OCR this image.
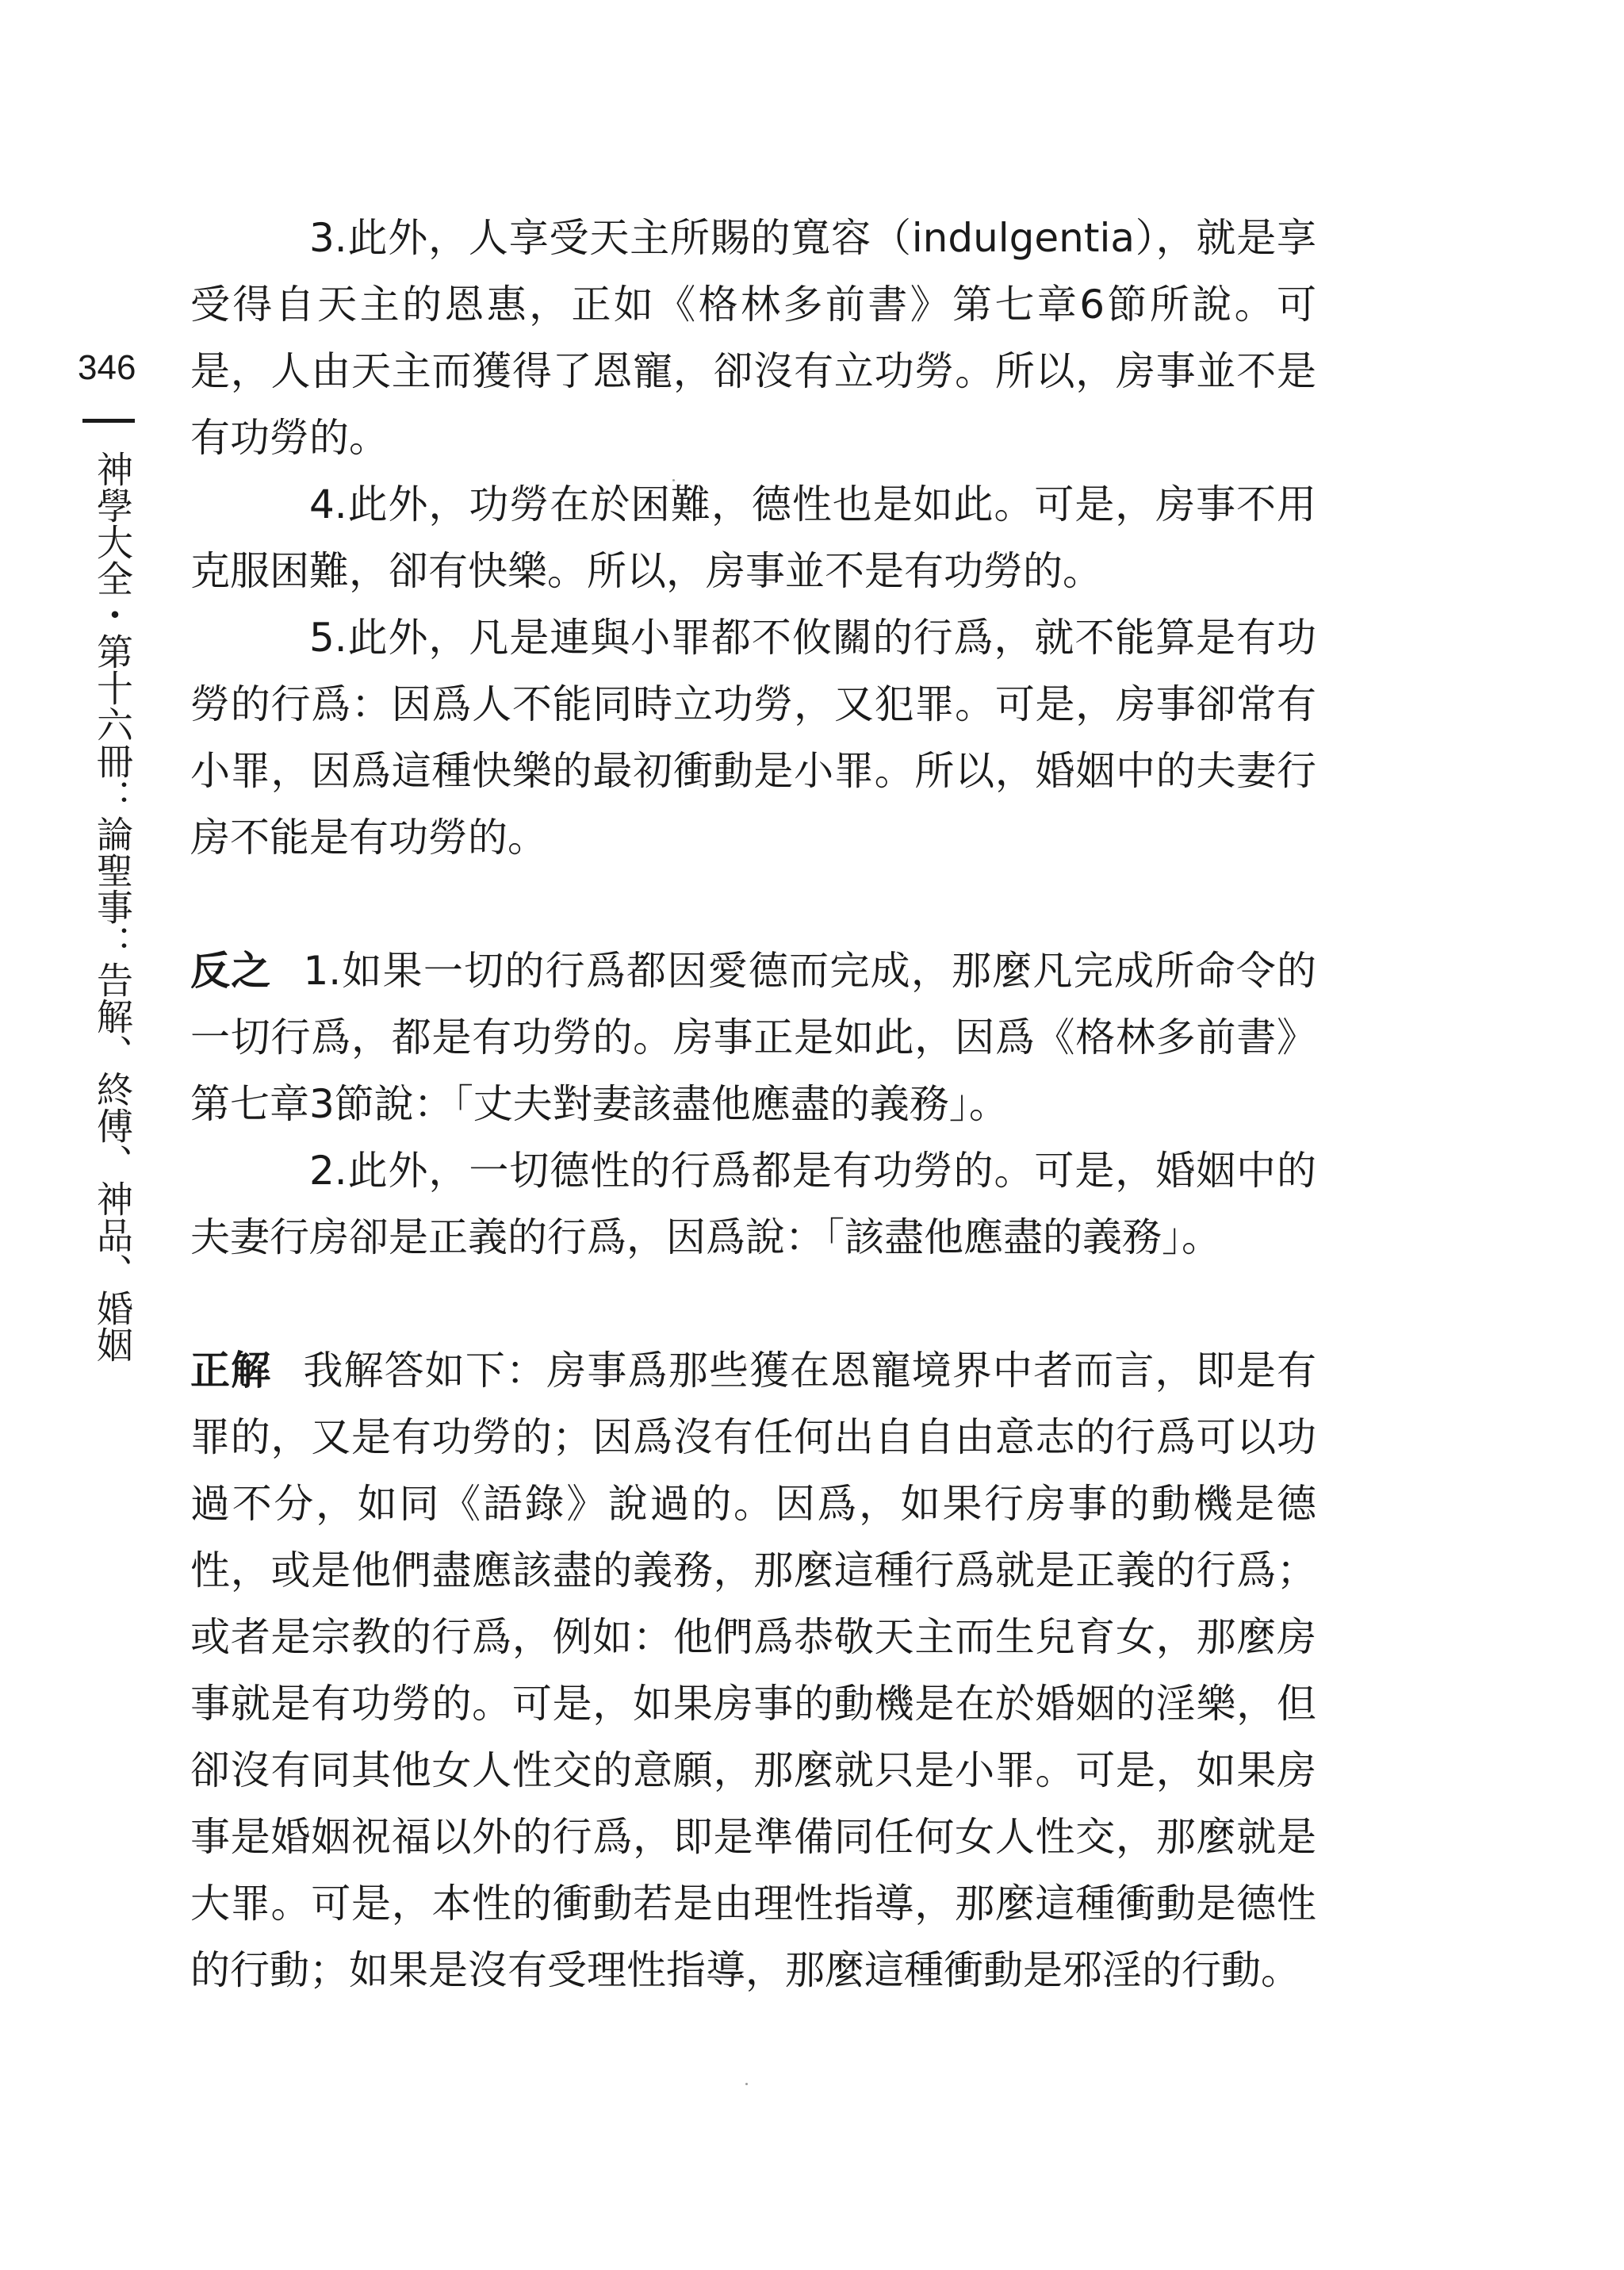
346
神學大全・第十六冊：論聖事：告解、終傅、神品、婚姻

3.此外，人享受天主所賜的寬容（indulgentia），就是享受得自天主的恩惠，正如《格林多前書》第七章6節所說。可是，人由天主而獲得了恩寵，卻沒有立功勞。所以，房事並不是有功勞的。

4.此外，功勞在於困難，德性也是如此。可是，房事不用克服困難，卻有快樂。所以，房事並不是有功勞的。

5.此外，凡是連與小罪都不攸關的行爲，就不能算是有功勞的行爲：因爲人不能同時立功勞，又犯罪。可是，房事卻常有小罪，因爲這種快樂的最初衝動是小罪。所以，婚姻中的夫妻行房不能是有功勞的。

反之 1.如果一切的行爲都因愛德而完成，那麼凡完成所命令的一切行爲，都是有功勞的。房事正是如此，因爲《格林多前書》第七章3節說：「丈夫對妻該盡他應盡的義務」。

2.此外，一切德性的行爲都是有功勞的。可是，婚姻中的夫妻行房卻是正義的行爲，因爲說：「該盡他應盡的義務」。

正解 我解答如下：房事爲那些獲在恩寵境界中者而言，即是有罪的，又是有功勞的；因爲沒有任何出自自由意志的行爲可以功過不分，如同《語錄》說過的。因爲，如果行房事的動機是德性，或是他們盡應該盡的義務，那麼這種行爲就是正義的行爲；或者是宗教的行爲，例如：他們爲恭敬天主而生兒育女，那麼房事就是有功勞的。可是，如果房事的動機是在於婚姻的淫樂，但卻沒有同其他女人性交的意願，那麼就只是小罪。可是，如果房事是婚姻祝福以外的行爲，即是準備同任何女人性交，那麼就是大罪。可是，本性的衝動若是由理性指導，那麼這種衝動是德性的行動；如果是沒有受理性指導，那麼這種衝動是邪淫的行動。
